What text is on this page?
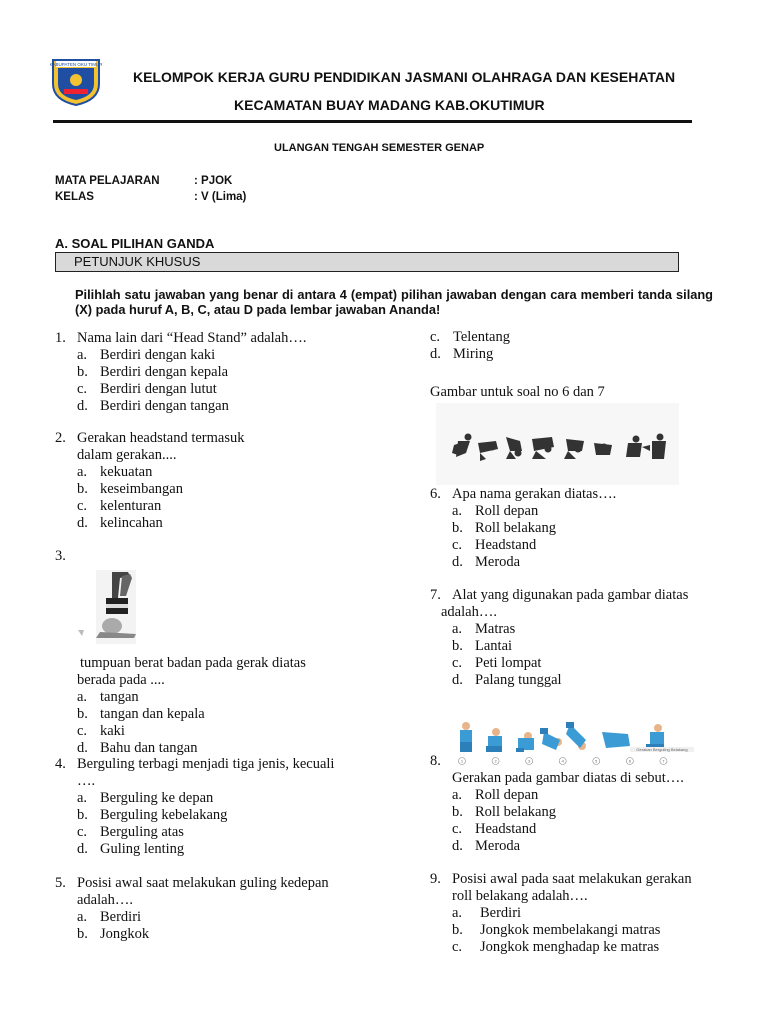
KABUPATEN OKU TIMUR
KELOMPOK KERJA GURU PENDIDIKAN JASMANI OLAHRAGA DAN KESEHATAN
KECAMATAN BUAY MADANG KAB.OKUTIMUR
ULANGAN TENGAH SEMESTER GENAP
MATA PELAJARAN	: PJOK
KELAS	: V (Lima)
A. SOAL PILIHAN GANDA
PETUNJUK KHUSUS
Pilihlah satu jawaban yang benar di antara 4 (empat) pilihan jawaban dengan cara memberi tanda silang (X) pada huruf A, B, C, atau D pada lembar jawaban Ananda!
1. Nama lain dari “Head Stand” adalah….
a. Berdiri dengan kaki
b. Berdiri dengan kepala
c. Berdiri dengan lutut
d. Berdiri dengan tangan
2. Gerakan headstand termasuk
dalam gerakan....
a. kekuatan
b. keseimbangan
c. kelenturan
d. kelincahan
3.
tumpuan berat badan pada gerak diatas
berada pada ....
a. tangan
b. tangan dan kepala
c. kaki
d. Bahu dan tangan
4. Berguling terbagi menjadi tiga jenis, kecuali
….
a. Berguling ke depan
b. Berguling kebelakang
c. Berguling atas
d. Guling lenting
5. Posisi awal saat melakukan guling kedepan
adalah….
a. Berdiri
b. Jongkok
c. Telentang
d. Miring
Gambar untuk soal no 6 dan 7
6. Apa nama gerakan diatas….
a. Roll depan
b. Roll belakang
c. Headstand
d. Meroda
7. Alat yang digunakan pada gambar diatas
adalah….
a. Matras
b. Lantai
c. Peti lompat
d. Palang tunggal
Gerakan Berguling Belakang
1	2	3	4	5	6	7
8.
Gerakan pada gambar diatas di sebut….
a. Roll depan
b. Roll belakang
c. Headstand
d. Meroda
9. Posisi awal pada saat melakukan gerakan
roll belakang adalah….
a. Berdiri
b. Jongkok membelakangi matras
c. Jongkok menghadap ke matras
